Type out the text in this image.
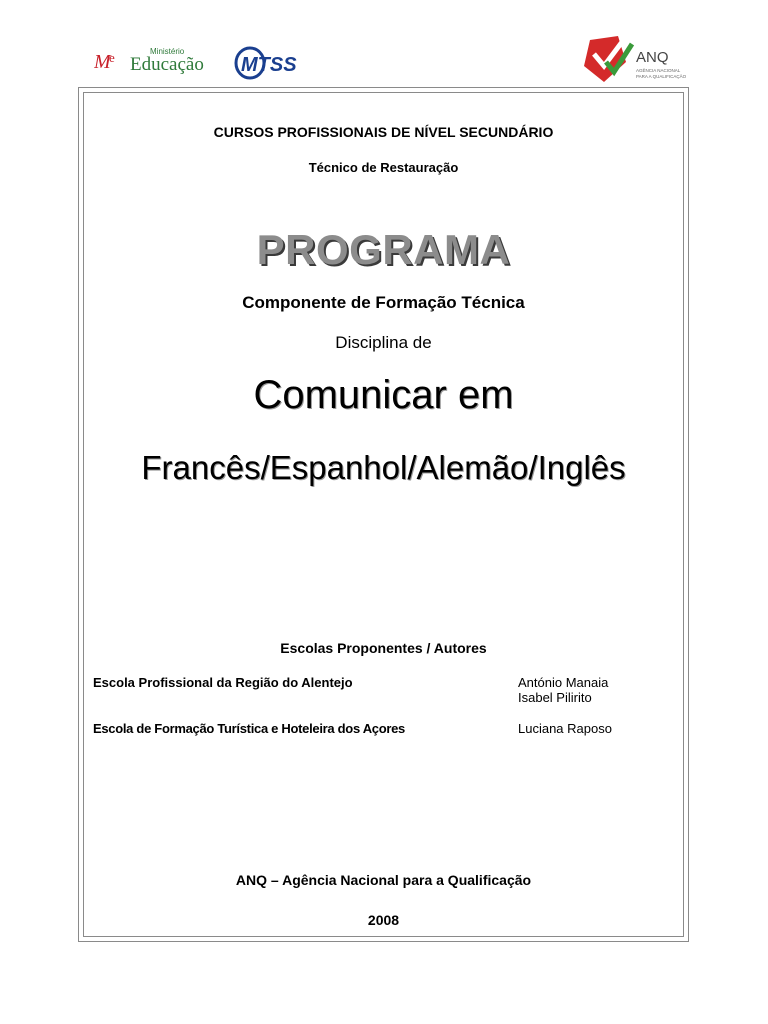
M
e	Ministério
Educação MTSS	ANQ
AGÊNCIA NACIONAL
PARA A QUALIFICAÇÃO
CURSOS PROFISSIONAIS DE NÍVEL SECUNDÁRIO
Técnico de Restauração
PROGRAMA
Componente de Formação Técnica
Disciplina de
Comunicar em
Francês/Espanhol/Alemão/Inglês
Escolas Proponentes / Autores
Escola Profissional da Região do Alentejo	António Manaia
Isabel Pilirito
Escola de Formação Turística e Hoteleira dos Açores	Luciana Raposo
ANQ – Agência Nacional para a Qualificação
2008
